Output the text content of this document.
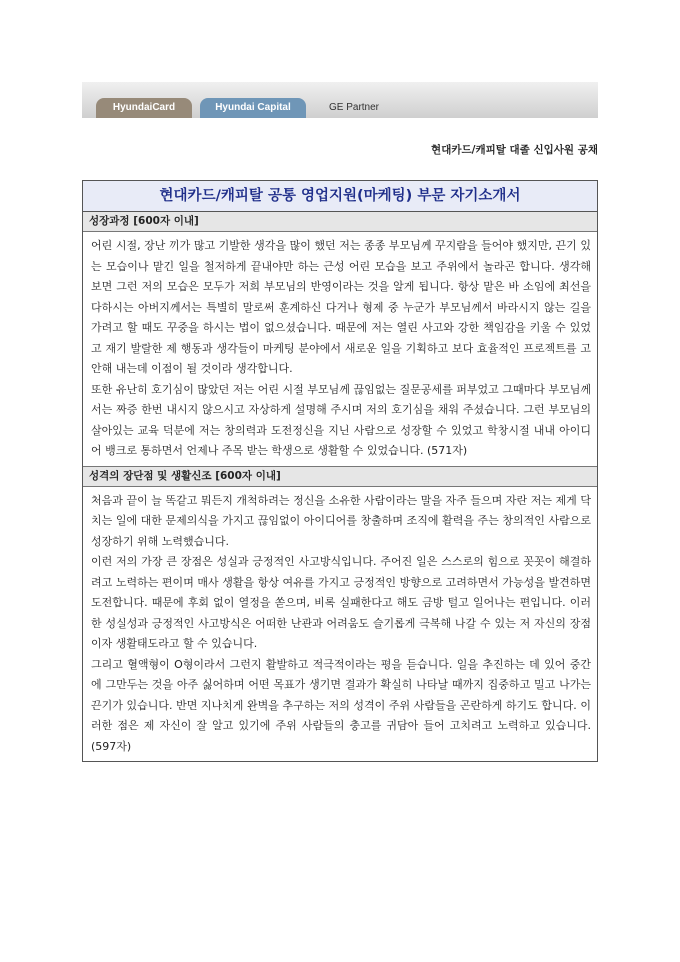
HyundaiCard	Hyundai Capital	GE Partner
현대카드/캐피탈 대졸 신입사원 공채
현대카드/캐피탈 공통 영업지원(마케팅) 부문 자기소개서
성장과정 [600자 이내]

어린 시절, 장난 끼가 많고 기발한 생각을 많이 했던 저는 종종 부모님께 꾸지람을 들어야 했지만, 끈기 있는 모습이나 맡긴 일을 철저하게 끝내야만 하는 근성 어린 모습을 보고 주위에서 놀라곤 합니다. 생각해 보면 그런 저의 모습은 모두가 저희 부모님의 반영이라는 것을 알게 됩니다. 항상 맡은 바 소임에 최선을 다하시는 아버지께서는 특별히 말로써 훈계하신 다거나 형제 중 누군가 부모님께서 바라시지 않는 길을 가려고 할 때도 꾸중을 하시는 법이 없으셨습니다. 때문에 저는 열린 사고와 강한 책임감을 키울 수 있었고 재기 발랄한 제 행동과 생각들이 마케팅 분야에서 새로운 일을 기획하고 보다 효율적인 프로젝트를 고안해 내는데 이점이 될 것이라 생각합니다.

또한 유난히 호기심이 많았던 저는 어린 시절 부모님께 끊임없는 질문공세를 퍼부었고 그때마다 부모님께서는 짜증 한번 내시지 않으시고 자상하게 설명해 주시며 저의 호기심을 채워 주셨습니다. 그런 부모님의 살아있는 교육 덕분에 저는 창의력과 도전정신을 지닌 사람으로 성장할 수 있었고 학창시절 내내 아이디어 뱅크로 통하면서 언제나 주목 받는 학생으로 생활할 수 있었습니다. (571자)

성격의 장단점 및 생활신조 [600자 이내]

처음과 끝이 늘 똑같고 뭐든지 개척하려는 정신을 소유한 사람이라는 말을 자주 들으며 자란 저는 제게 닥치는 일에 대한 문제의식을 가지고 끊임없이 아이디어를 창출하며 조직에 활력을 주는 창의적인 사람으로 성장하기 위해 노력했습니다.

이런 저의 가장 큰 장점은 성실과 긍정적인 사고방식입니다. 주어진 일은 스스로의 힘으로 꼿꼿이 해결하려고 노력하는 편이며 매사 생활을 항상 여유를 가지고 긍정적인 방향으로 고려하면서 가능성을 발견하면 도전합니다. 때문에 후회 없이 열정을 쏟으며, 비록 실패한다고 해도 금방 털고 일어나는 편입니다. 이러한 성실성과 긍정적인 사고방식은 어떠한 난관과 어려움도 슬기롭게 극복해 나갈 수 있는 저 자신의 장점이자 생활태도라고 할 수 있습니다.

그리고 혈액형이 O형이라서 그런지 활발하고 적극적이라는 평을 듣습니다. 일을 추진하는 데 있어 중간에 그만두는 것을 아주 싫어하며 어떤 목표가 생기면 결과가 확실히 나타날 때까지 집중하고 밀고 나가는 끈기가 있습니다. 반면 지나치게 완벽을 추구하는 저의 성격이 주위 사람들을 곤란하게 하기도 합니다. 이러한 점은 제 자신이 잘 알고 있기에 주위 사람들의 충고를 귀담아 들어 고치려고 노력하고 있습니다. (597자)
